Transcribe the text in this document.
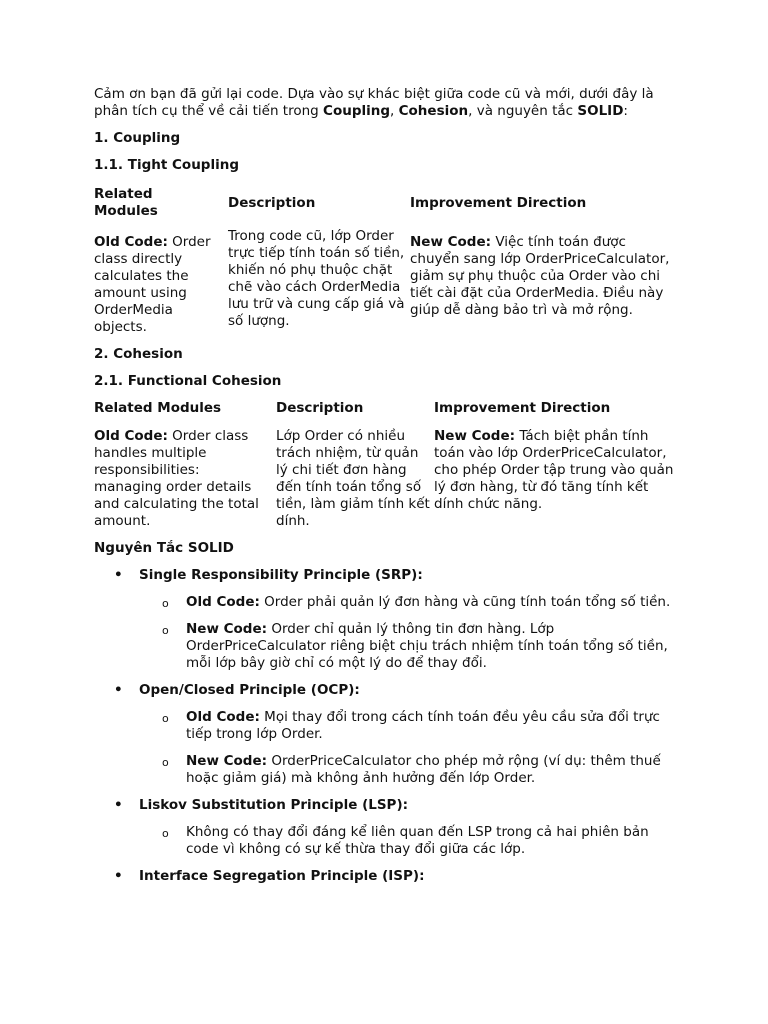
Cảm ơn bạn đã gửi lại code. Dựa vào sự khác biệt giữa code cũ và mới, dưới đây là phân tích cụ thể về cải tiến trong Coupling, Cohesion, và nguyên tắc SOLID:

1. Coupling

1.1. Tight Coupling

Related Modules	Description	Improvement Direction
Old Code: Order class directly calculates the amount using OrderMedia objects.	Trong code cũ, lớp Order trực tiếp tính toán số tiền, khiến nó phụ thuộc chặt chẽ vào cách OrderMedia lưu trữ và cung cấp giá và số lượng.	New Code: Việc tính toán được chuyển sang lớp OrderPriceCalculator, giảm sự phụ thuộc của Order vào chi tiết cài đặt của OrderMedia. Điều này giúp dễ dàng bảo trì và mở rộng.

2. Cohesion

2.1. Functional Cohesion

Related Modules	Description	Improvement Direction
Old Code: Order class handles multiple responsibilities: managing order details and calculating the total amount.	Lớp Order có nhiều trách nhiệm, từ quản lý chi tiết đơn hàng đến tính toán tổng số tiền, làm giảm tính kết dính.	New Code: Tách biệt phần tính toán vào lớp OrderPriceCalculator, cho phép Order tập trung vào quản lý đơn hàng, từ đó tăng tính kết dính chức năng.

Nguyên Tắc SOLID

• Single Responsibility Principle (SRP):
o Old Code: Order phải quản lý đơn hàng và cũng tính toán tổng số tiền.
o New Code: Order chỉ quản lý thông tin đơn hàng. Lớp OrderPriceCalculator riêng biệt chịu trách nhiệm tính toán tổng số tiền, mỗi lớp bây giờ chỉ có một lý do để thay đổi.
• Open/Closed Principle (OCP):
o Old Code: Mọi thay đổi trong cách tính toán đều yêu cầu sửa đổi trực tiếp trong lớp Order.
o New Code: OrderPriceCalculator cho phép mở rộng (ví dụ: thêm thuế hoặc giảm giá) mà không ảnh hưởng đến lớp Order.
• Liskov Substitution Principle (LSP):
o Không có thay đổi đáng kể liên quan đến LSP trong cả hai phiên bản code vì không có sự kế thừa thay đổi giữa các lớp.
• Interface Segregation Principle (ISP):
